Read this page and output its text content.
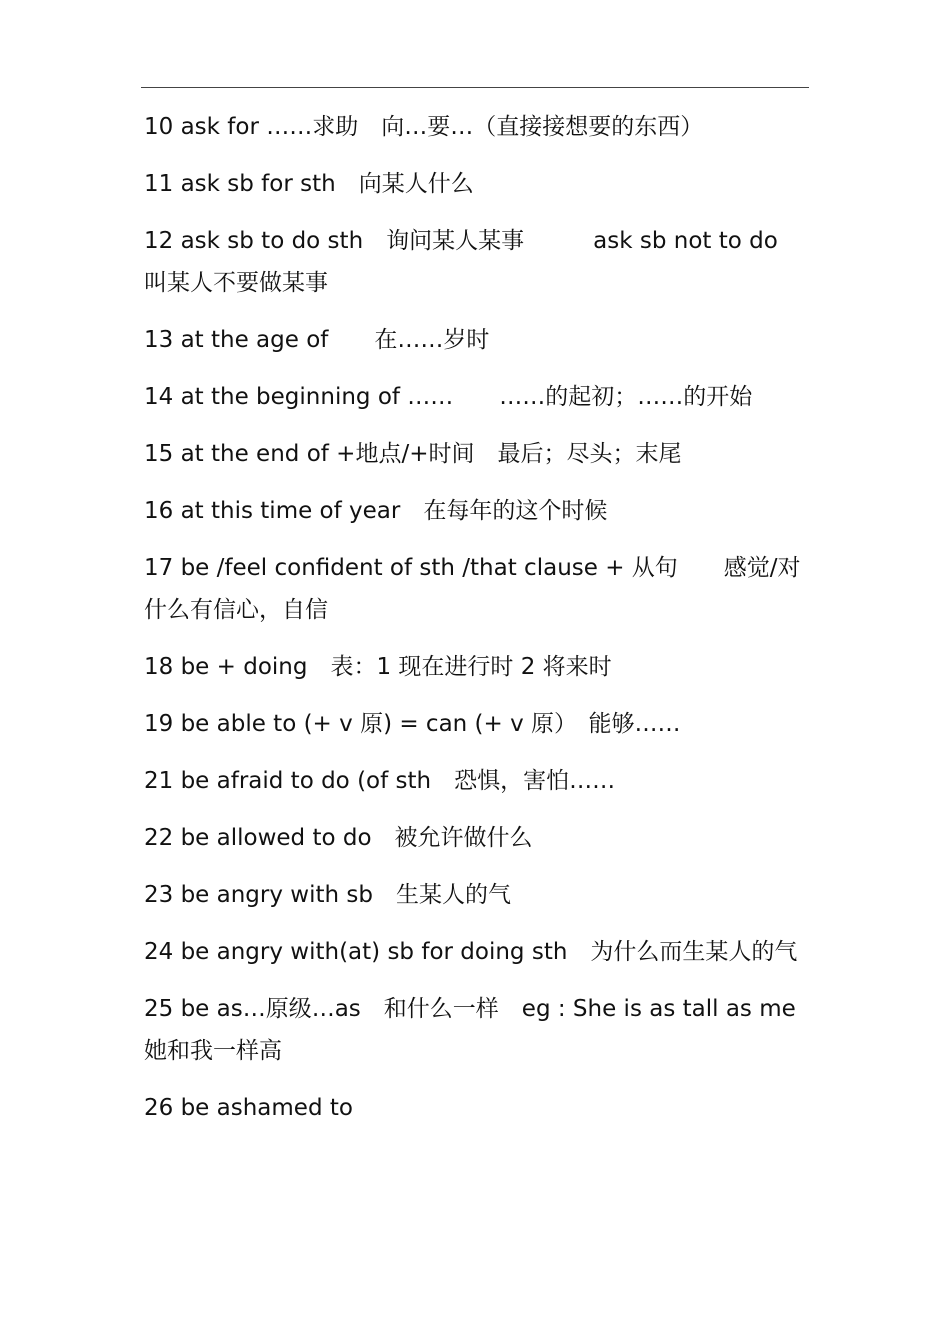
10 ask for ……求助　向…要…（直接接想要的东西）
11 ask sb for sth　向某人什么
12 ask sb to do sth　询问某人某事　　　ask sb not to do 叫某人不要做某事
13 at the age of　　在……岁时
14 at the beginning of ……　　……的起初；……的开始
15 at the end of +地点/+时间　最后；尽头；末尾
16 at this time of year　在每年的这个时候
17 be /feel confident of sth /that clause + 从句　　感觉/对什么有信心，自信
18 be + doing　表：1 现在进行时 2 将来时
19 be able to (+ v 原) = can (+ v 原）　能够……
21 be afraid to do (of sth　恐惧，害怕……
22 be allowed to do　被允许做什么
23 be angry with sb　生某人的气
24 be angry with(at) sb for doing sth　为什么而生某人的气
25 be as…原级…as　和什么一样　eg : She is as tall as me 她和我一样高
26 be ashamed to
